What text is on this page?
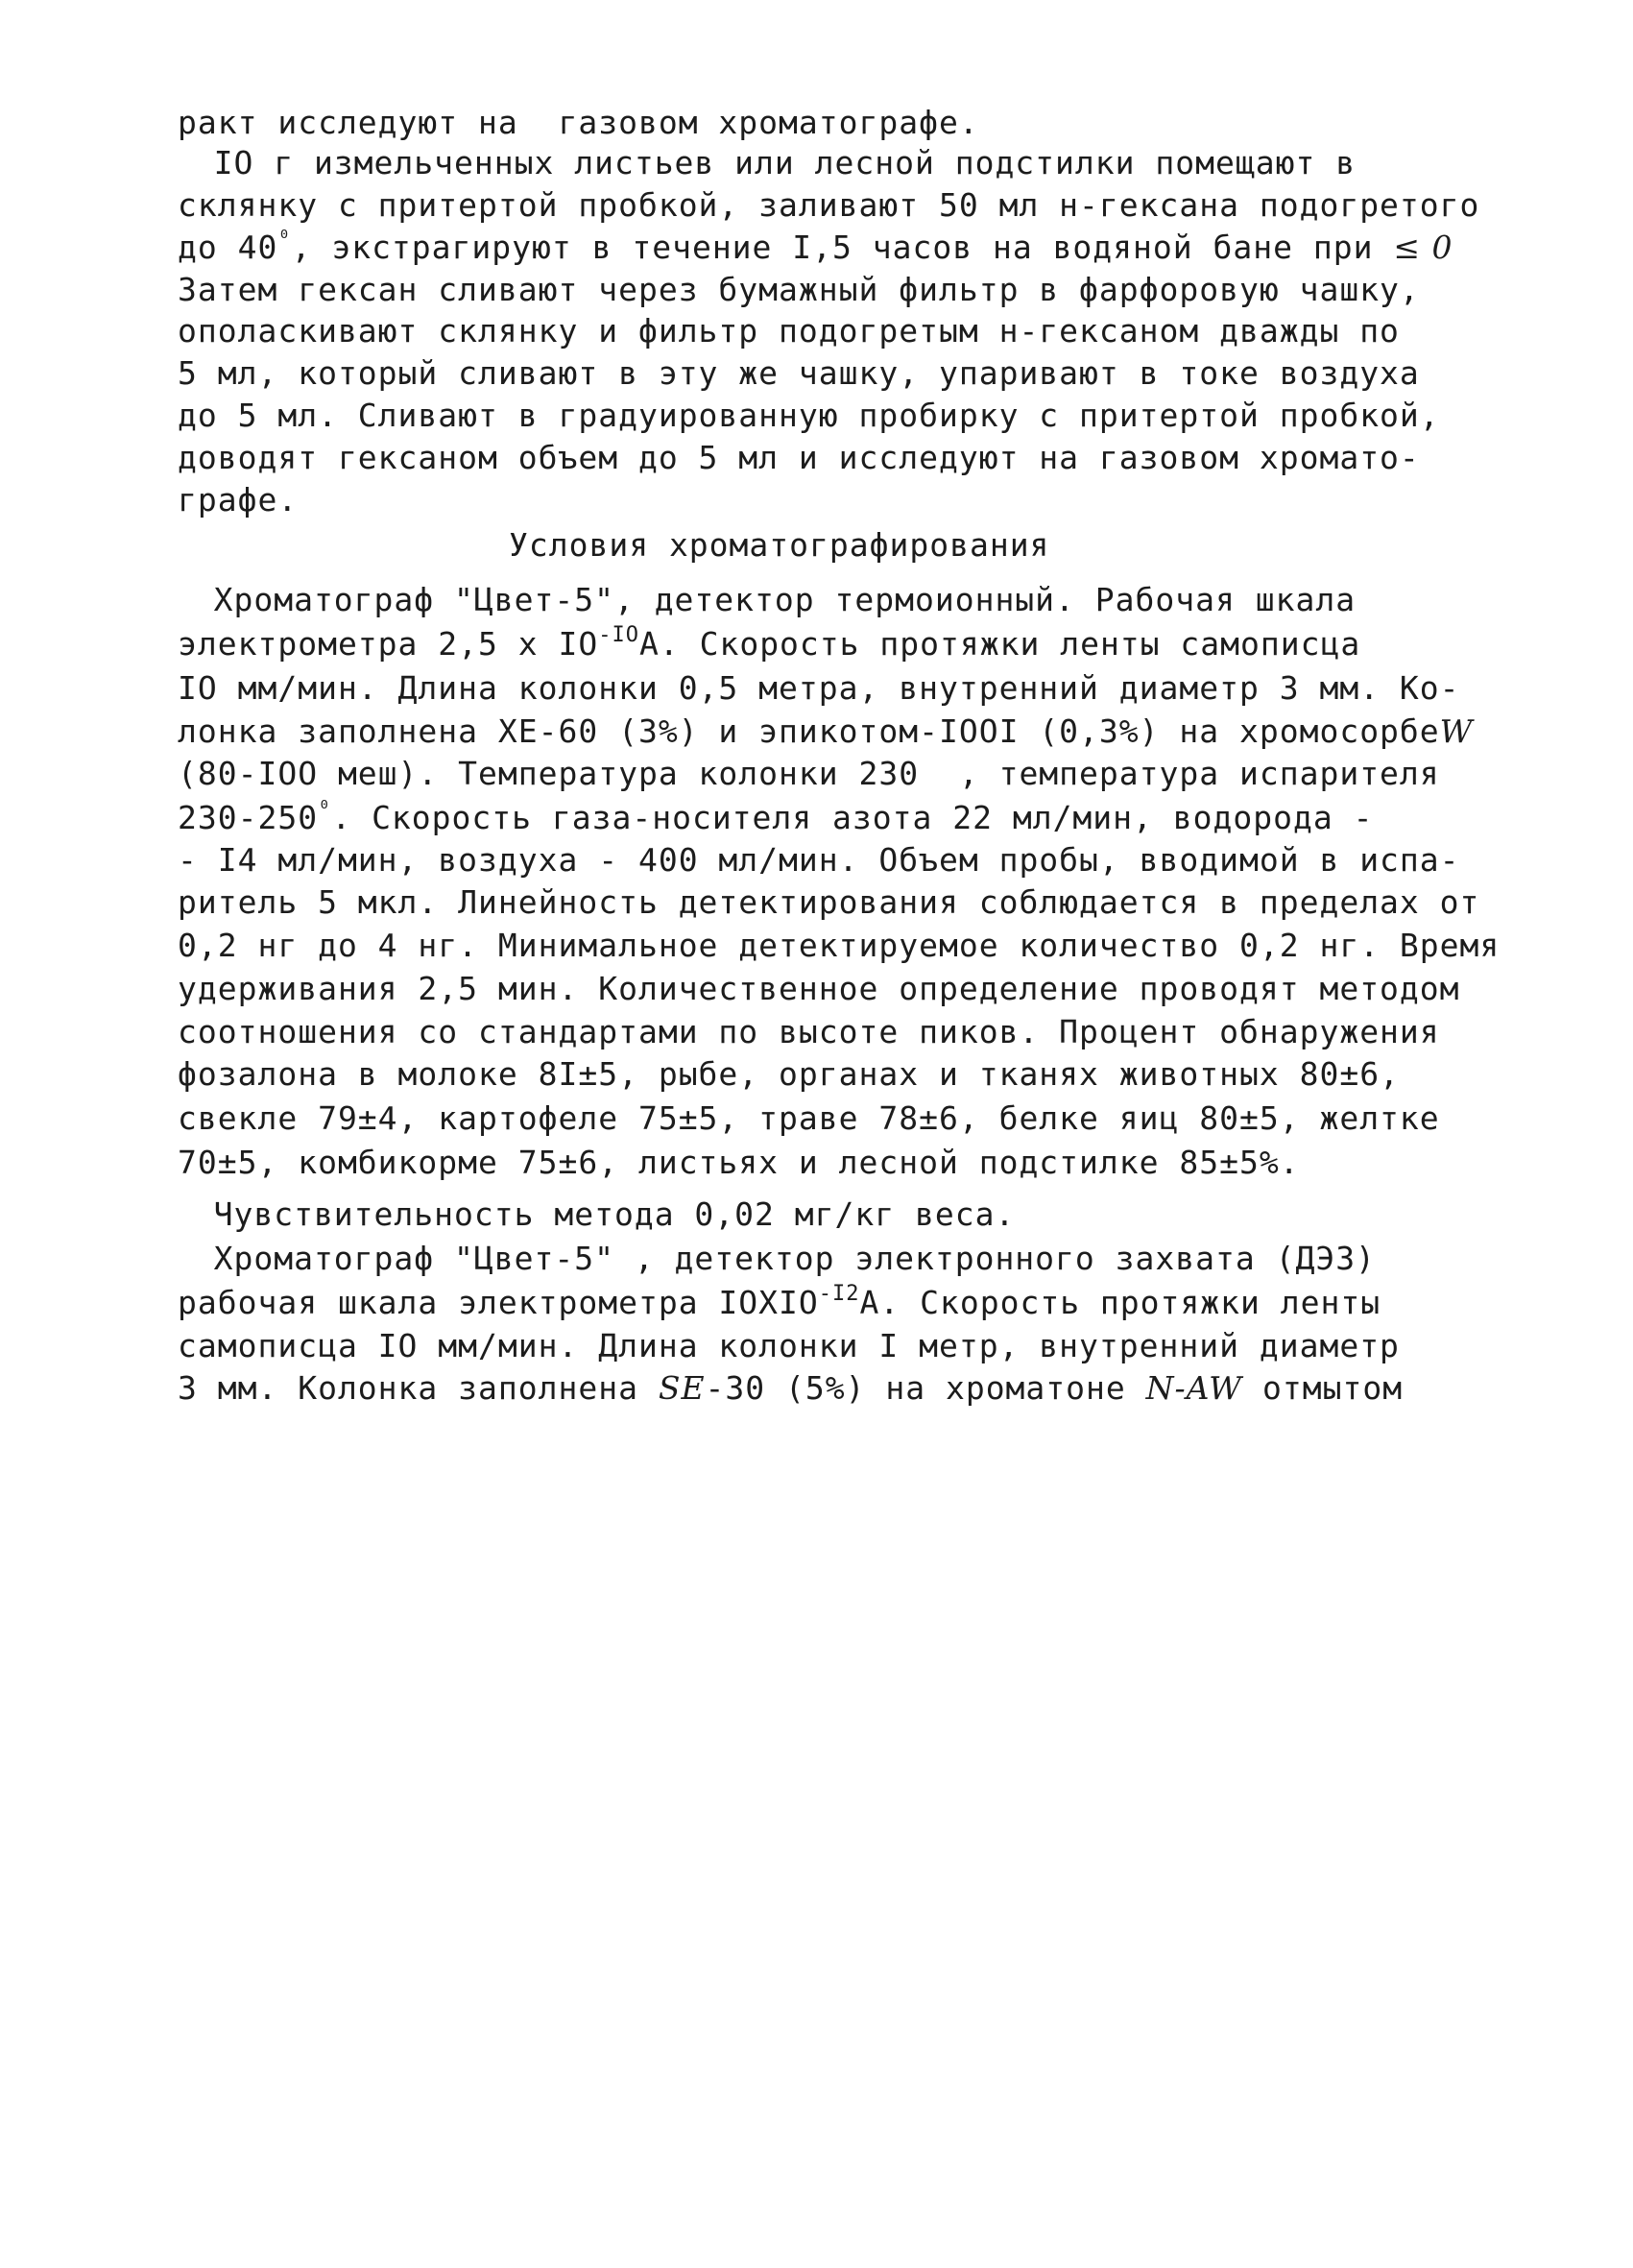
ракт исследуют на  газовом хроматографе.
IO г измельченных листьев или лесной подстилки помещают в
склянку с притертой пробкой, заливают 50 мл н-гексана подогретого
до $40^{^0}$, экстрагируют в течение I,5 часов на водяной бане при ≤ 0
Затем гексан сливают через бумажный фильтр в фарфоровую чашку,
ополаскивают склянку и фильтр подогретым н-гексаном дважды по
5 мл, который сливают в эту же чашку, упаривают в токе воздуха
до 5 мл. Сливают в градуированную пробирку с притертой пробкой,
доводят гексаном объем до 5 мл и исследуют на газовом хромато-
графе.
Условия хроматографирования
Хроматограф "Цвет-5", детектор термоионный. Рабочая шкала
электрометра 2,5 х $IO^{-IO}A$. Скорость протяжки ленты самописца
IO мм/мин. Длина колонки 0,5 метра, внутренний диаметр 3 мм. Ко-
лонка заполнена ХЕ-60 (3%) и эпикотом-IOOI (0,3%) на хромосорбеW
(80-IOO меш). Температура колонки 230  , температура испарителя
$230-250^{^0}$. Скорость газа-носителя азота 22 мл/мин, водорода -
- I4 мл/мин, воздуха - 400 мл/мин. Объем пробы, вводимой в испа-
ритель 5 мкл. Линейность детектирования соблюдается в пределах от
0,2 нг до 4 нг. Минимальное детектируемое количество 0,2 нг. Время
удерживания 2,5 мин. Количественное определение проводят методом
соотношения со стандартами по высоте пиков. Процент обнаружения
фозалона в молоке 8I±5, рыбе, органах и тканях животных 80±6,
свекле 79±4, картофеле 75±5, траве 78±6, белке яиц 80±5, желтке
70±5, комбикорме 75±6, листьях и лесной подстилке 85±5%.
Чувствительность метода 0,02 мг/кг веса.
Хроматограф "Цвет-5" , детектор электронного захвата (ДЭЗ)
рабочая шкала электрометра $IOXIO^{-I2}A$. Скорость протяжки ленты
самописца IO мм/мин. Длина колонки I метр, внутренний диаметр
3 мм. Колонка заполнена SE-30 (5%) на хроматоне N-AW отмытом
